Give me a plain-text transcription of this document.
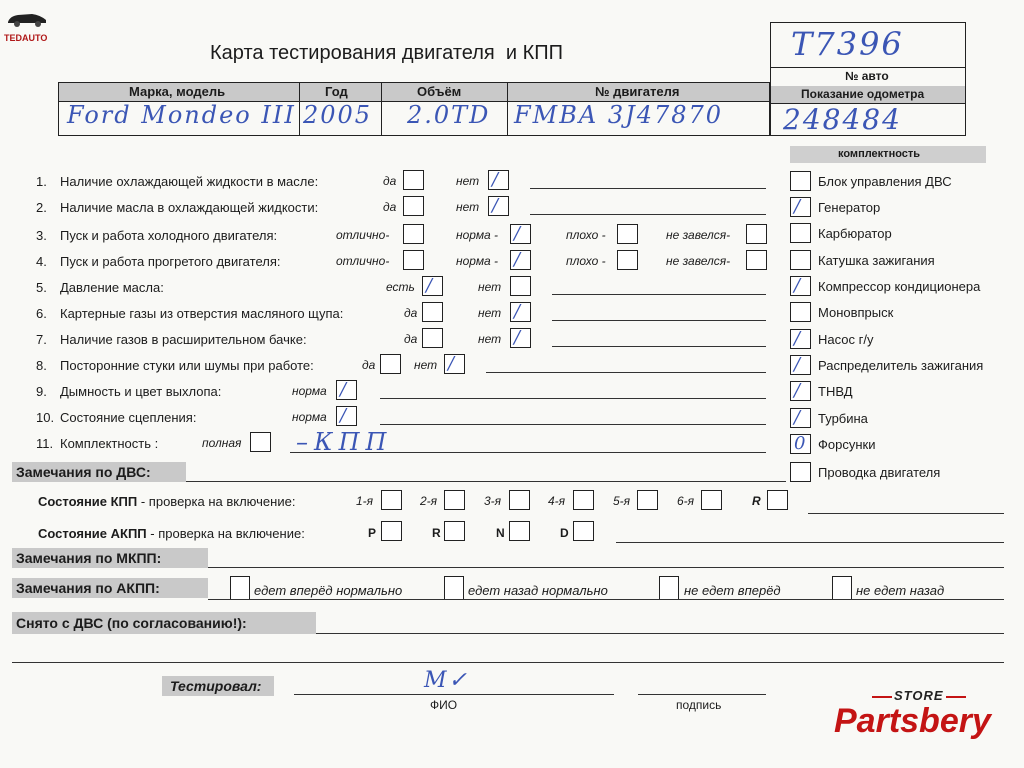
TEDAUTO
Карта тестирования двигателя  и КПП
Марка, модель	Год	Объём	№ двигателя
Ford Mondeo III 2005 2.0TD FMBA 3J47870
T7396
№ авто
Показание одометра
248484
комплектность
1. Наличие охлаждающей жидкости в масле:	да	нет /
2. Наличие масла в охлаждающей жидкости:	да	нет /
3. Пуск и работа холодного двигателя:	отлично-	норма - /	плохо -	не завелся-
4. Пуск и работа прогретого двигателя:	отлично-	норма - /	плохо -	не завелся-
5. Давление масла:	есть /	нет
6. Картерные газы из отверстия масляного щупа:	да	нет /
7. Наличие газов в расширительном бачке:	да	нет /
8. Посторонние стуки или шумы при работе:	да	нет /
9. Дымность и цвет выхлопа:	норма /
10. Состояние сцепления:	норма /
11. Комплектность :	полная –КПП
Блок управления ДВС
/ Генератор
Карбюратор
Катушка зажигания
/ Компрессор кондиционера
Моновпрыск
/ Насос г/у
/ Распределитель зажигания
/ ТНВД
/ Турбина
0 Форсунки
Проводка двигателя
Замечания по ДВС:
Состояние КПП - проверка на включение:	1-я	2-я	3-я	4-я	5-я	6-я	R
Состояние АКПП - проверка на включение:	P	R	N	D
Замечания по МКПП:
Замечания по АКПП:	едет вперёд нормально	едет назад нормально	не едет вперёд	не едет назад
Снято с ДВС (по согласованию!):
Тестировал:	М✓
ФИО	подпись
STORE
Partsbery
